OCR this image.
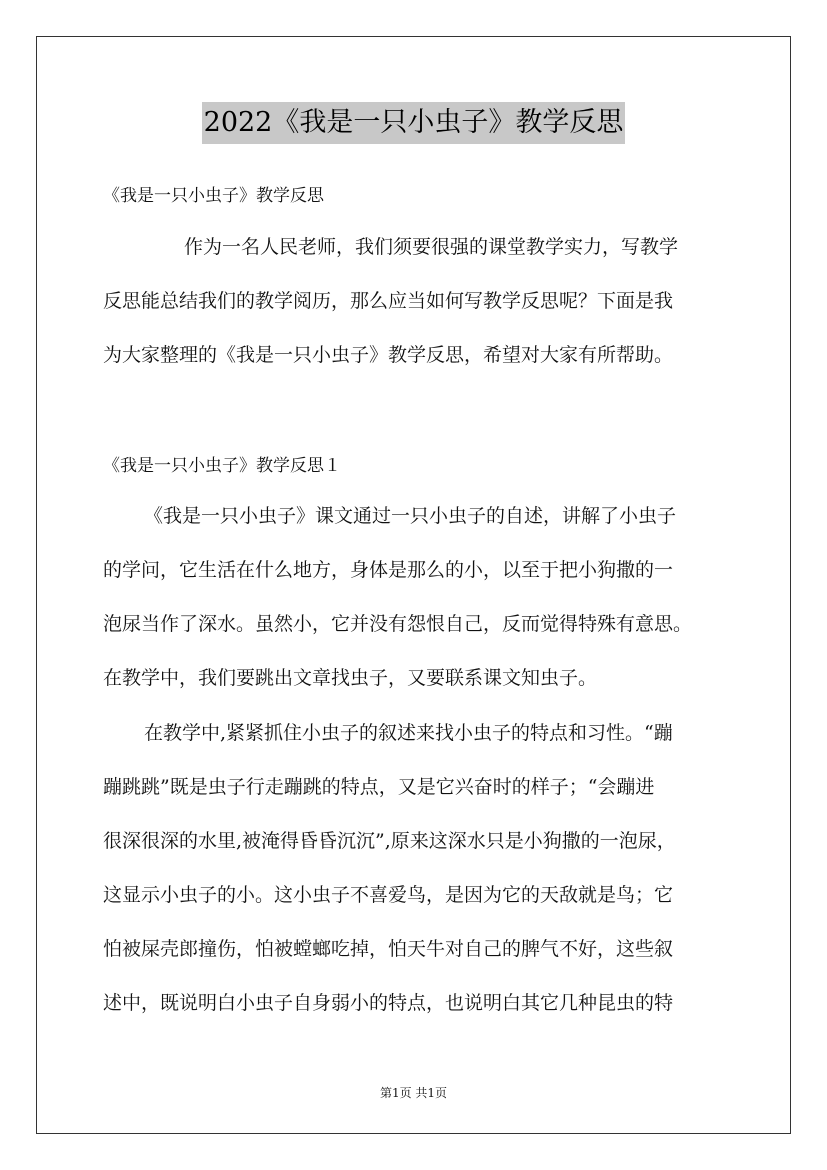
2022《我是一只小虫子》教学反思
《我是一只小虫子》教学反思
作为一名人民老师，我们须要很强的课堂教学实力，写教学
反思能总结我们的教学阅历，那么应当如何写教学反思呢？下面是我
为大家整理的《我是一只小虫子》教学反思，希望对大家有所帮助。
《我是一只小虫子》教学反思１
《我是一只小虫子》课文通过一只小虫子的自述，讲解了小虫子
的学问，它生活在什么地方，身体是那么的小，以至于把小狗撒的一
泡尿当作了深水。虽然小，它并没有怨恨自己，反而觉得特殊有意思。
在教学中，我们要跳出文章找虫子，又要联系课文知虫子。
在教学中,紧紧抓住小虫子的叙述来找小虫子的特点和习性。“蹦
蹦跳跳”既是虫子行走蹦跳的特点，又是它兴奋时的样子；“会蹦进
很深很深的水里,被淹得昏昏沉沉”,原来这深水只是小狗撒的一泡尿，
这显示小虫子的小。这小虫子不喜爱鸟，是因为它的天敌就是鸟；它
怕被屎壳郎撞伤，怕被螳螂吃掉，怕天牛对自己的脾气不好，这些叙
述中，既说明白小虫子自身弱小的特点，也说明白其它几种昆虫的特
第1页 共1页
